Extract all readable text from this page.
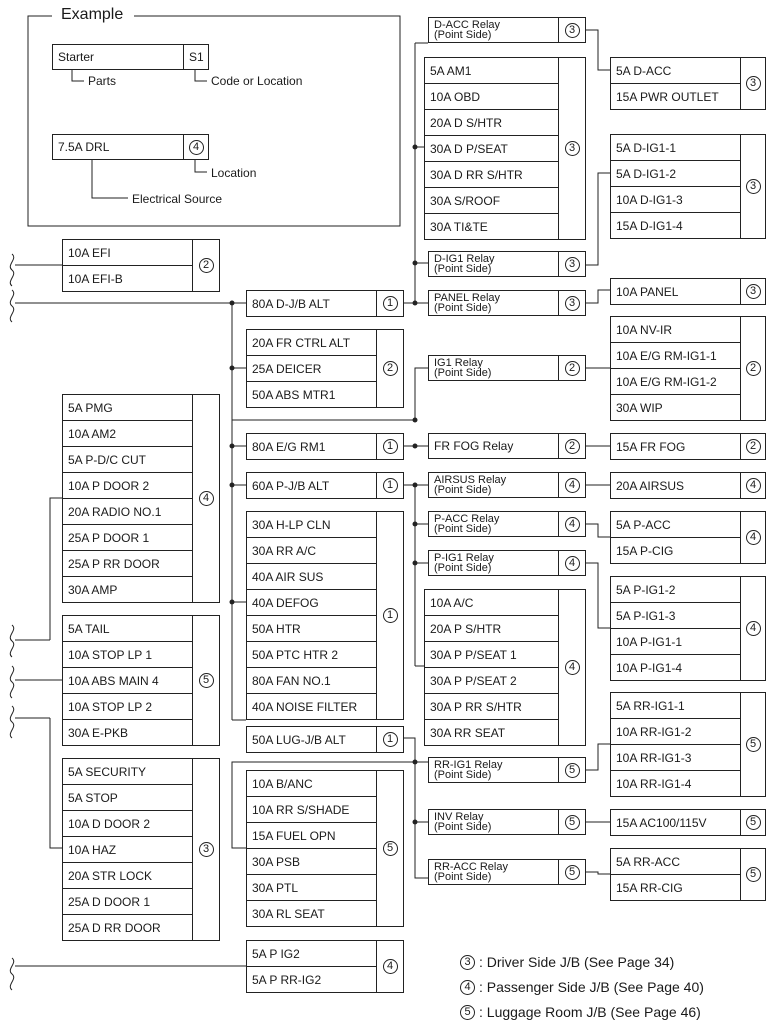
Example
Starter	S1
Parts	Code or Location
7.5A DRL	4
Location
Electrical Source
10A EFI
10A EFI-B
2
5A PMG
10A AM2
5A P-D/C CUT
10A P DOOR 2
20A RADIO NO.1
25A P DOOR 1
25A P RR DOOR
30A AMP
4
5A TAIL
10A STOP LP 1
10A ABS MAIN 4
10A STOP LP 2
30A E-PKB
5
5A SECURITY
5A STOP
10A D DOOR 2
10A HAZ
20A STR LOCK
25A D DOOR 1
25A D RR DOOR
3
80A D-J/B ALT	1
20A FR CTRL ALT
25A DEICER
50A ABS MTR1
2
80A E/G RM1	1
60A P-J/B ALT	1
30A H-LP CLN
30A RR A/C
40A AIR SUS
40A DEFOG
50A HTR
50A PTC HTR 2
80A FAN NO.1
40A NOISE FILTER
1
50A LUG-J/B ALT	1
10A B/ANC
10A RR S/SHADE
15A FUEL OPN
30A PSB
30A PTL
30A RL SEAT
5
5A P IG2
5A P RR-IG2
4
5A AM1
10A OBD
20A D S/HTR
30A D P/SEAT
30A D RR S/HTR
30A S/ROOF
30A TI&TE
3
5A D-ACC
15A PWR OUTLET
3
5A D-IG1-1
5A D-IG1-2
10A D-IG1-3
15A D-IG1-4
3
10A PANEL	3
10A NV-IR
10A E/G RM-IG1-1
10A E/G RM-IG1-2
30A WIP
2
15A FR FOG	2
20A AIRSUS	4
5A P-ACC
15A P-CIG
4
5A P-IG1-2
5A P-IG1-3
10A P-IG1-1
10A P-IG1-4
4
10A A/C
20A P S/HTR
30A P P/SEAT 1
30A P P/SEAT 2
30A P RR S/HTR
30A RR SEAT
4
5A RR-IG1-1
10A RR-IG1-2
10A RR-IG1-3
10A RR-IG1-4
5
15A AC100/115V	5
5A RR-ACC
15A RR-CIG
5
D-ACC Relay
(Point Side)	3
D-IG1 Relay
(Point Side)	3
PANEL Relay
(Point Side)	3
IG1 Relay
(Point Side)	2
FR FOG Relay	2
AIRSUS Relay
(Point Side)	4
P-ACC Relay
(Point Side)	4
P-IG1 Relay
(Point Side)	4
RR-IG1 Relay
(Point Side)	5
INV Relay
(Point Side)	5
RR-ACC Relay
(Point Side)	5
3 : Driver Side J/B (See Page 34)
4 : Passenger Side J/B (See Page 40)
5 : Luggage Room J/B (See Page 46)
